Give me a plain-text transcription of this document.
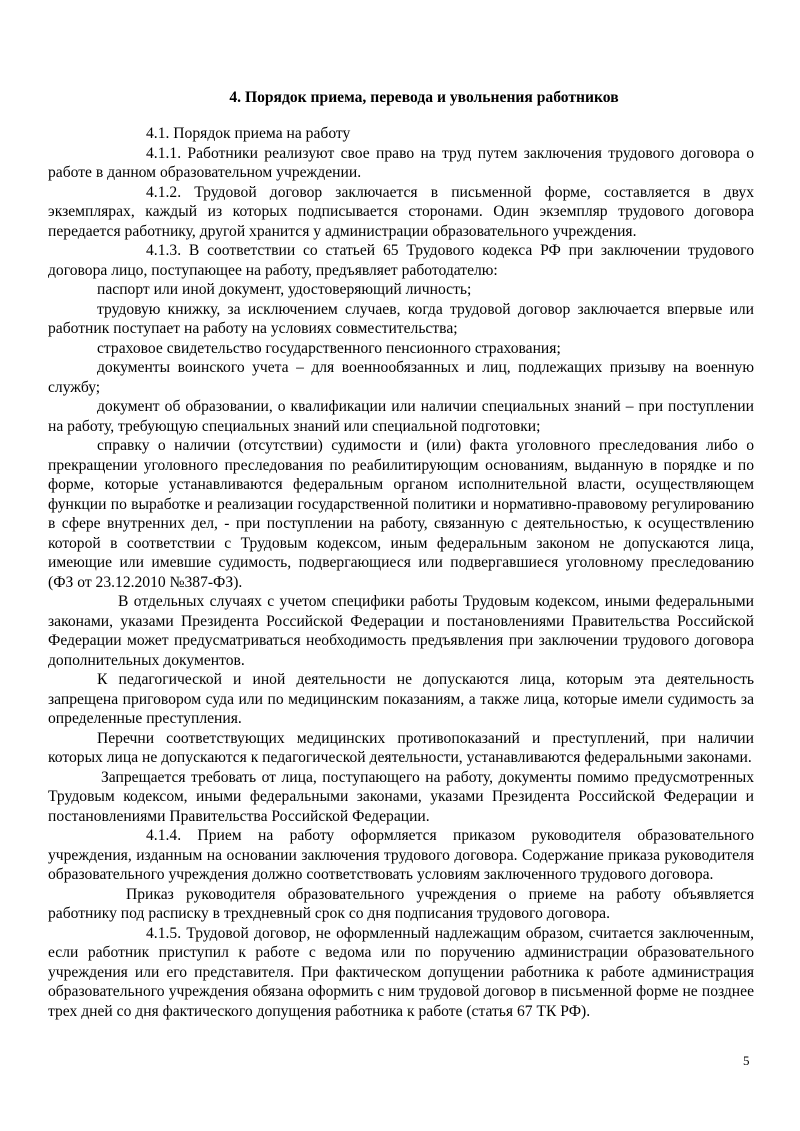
4. Порядок приема, перевода и увольнения работников

4.1. Порядок приема на работу

4.1.1. Работники реализуют свое право на труд путем заключения трудового договора о работе в данном образовательном учреждении.

4.1.2. Трудовой договор заключается в письменной форме, составляется в двух экземплярах, каждый из которых подписывается сторонами. Один экземпляр трудового договора передается работнику, другой хранится у администрации образовательного учреждения.

4.1.3. В соответствии со статьей 65 Трудового кодекса РФ при заключении трудового договора лицо, поступающее на работу, предъявляет работодателю:

паспорт или иной документ, удостоверяющий личность;

трудовую книжку, за исключением случаев, когда трудовой договор заключается впервые или работник поступает на работу на условиях совместительства;

страховое свидетельство государственного пенсионного страхования;

документы воинского учета – для военнообязанных и лиц, подлежащих призыву на военную службу;

документ об образовании, о квалификации или наличии специальных знаний – при поступлении на работу, требующую специальных знаний или специальной подготовки;

справку о наличии (отсутствии) судимости и (или) факта уголовного преследования либо о прекращении уголовного преследования по реабилитирующим основаниям, выданную в порядке и по форме, которые устанавливаются федеральным органом исполнительной власти, осуществляющем функции по выработке и реализации государственной политики и нормативно-правовому регулированию в сфере внутренних дел, - при поступлении на работу, связанную с деятельностью, к осуществлению которой в соответствии с Трудовым кодексом, иным федеральным законом не допускаются лица, имеющие или имевшие судимость, подвергающиеся или подвергавшиеся уголовному преследованию (ФЗ от 23.12.2010 №387-ФЗ).

В отдельных случаях с учетом специфики работы Трудовым кодексом, иными федеральными законами, указами Президента Российской Федерации и постановлениями Правительства Российской Федерации может предусматриваться необходимость предъявления при заключении трудового договора дополнительных документов.

К педагогической и иной деятельности не допускаются лица, которым эта деятельность запрещена приговором суда или по медицинским показаниям, а также лица, которые имели судимость за определенные преступления.

Перечни соответствующих медицинских противопоказаний и преступлений, при наличии которых лица не допускаются к педагогической деятельности, устанавливаются федеральными законами.

Запрещается требовать от лица, поступающего на работу, документы помимо предусмотренных Трудовым кодексом, иными федеральными законами, указами Президента Российской Федерации и постановлениями Правительства Российской Федерации.

4.1.4. Прием на работу оформляется приказом руководителя образовательного учреждения, изданным на основании заключения трудового договора. Содержание приказа руководителя образовательного учреждения должно соответствовать условиям заключенного трудового договора.

Приказ руководителя образовательного учреждения о приеме на работу объявляется работнику под расписку в трехдневный срок со дня подписания трудового договора.

4.1.5. Трудовой договор, не оформленный надлежащим образом, считается заключенным, если работник приступил к работе с ведома или по поручению администрации образовательного учреждения или его представителя. При фактическом допущении работника к работе администрация образовательного учреждения обязана оформить с ним трудовой договор в письменной форме не позднее трех дней со дня фактического допущения работника к работе (статья 67 ТК РФ).

5
